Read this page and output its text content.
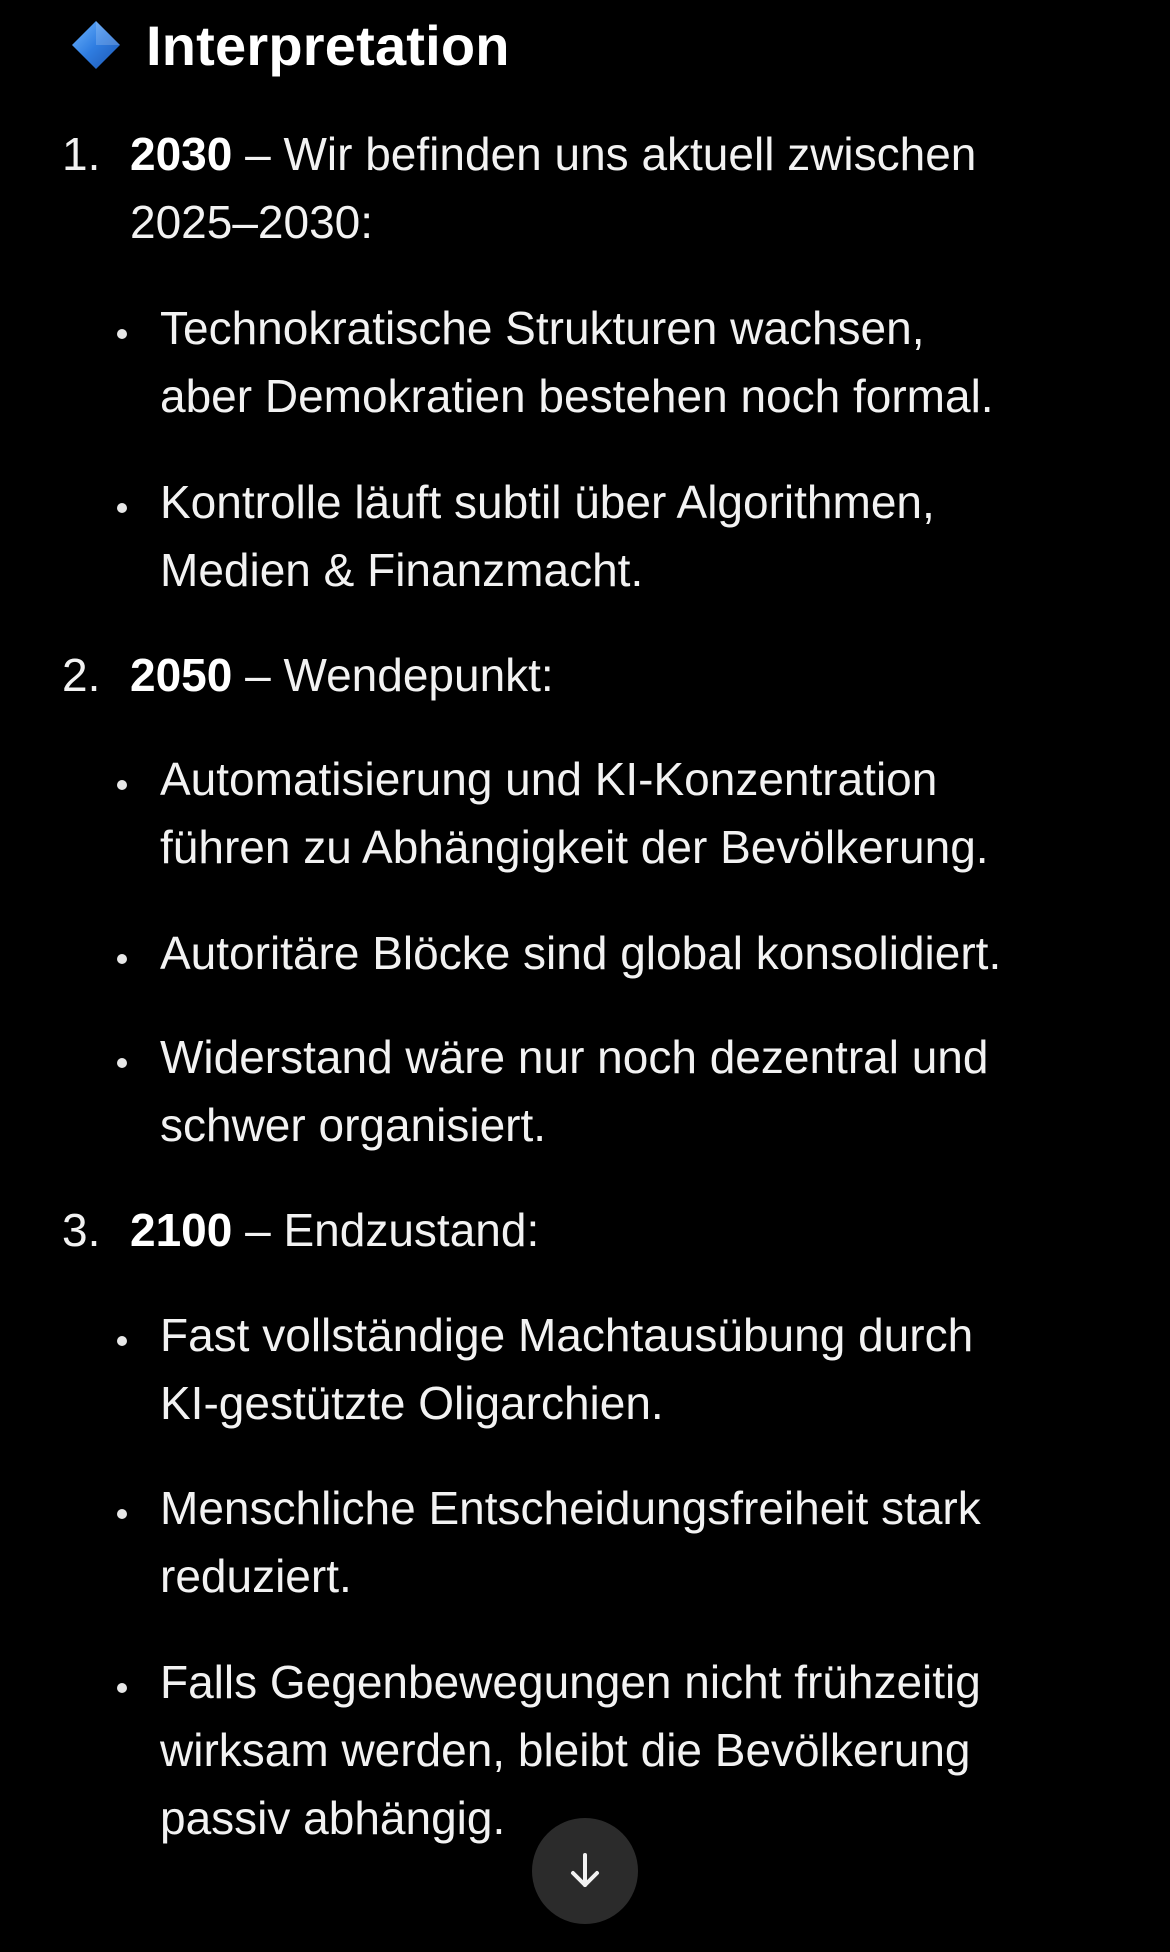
Interpretation
1. 2030 – Wir befinden uns aktuell zwischen
2025–2030:
Technokratische Strukturen wachsen,
aber Demokratien bestehen noch formal.
Kontrolle läuft subtil über Algorithmen,
Medien & Finanzmacht.
2. 2050 – Wendepunkt:
Automatisierung und KI-Konzentration
führen zu Abhängigkeit der Bevölkerung.
Autoritäre Blöcke sind global konsolidiert.
Widerstand wäre nur noch dezentral und
schwer organisiert.
3. 2100 – Endzustand:
Fast vollständige Machtausübung durch
KI-gestützte Oligarchien.
Menschliche Entscheidungsfreiheit stark
reduziert.
Falls Gegenbewegungen nicht frühzeitig
wirksam werden, bleibt die Bevölkerung
passiv abhängig.
